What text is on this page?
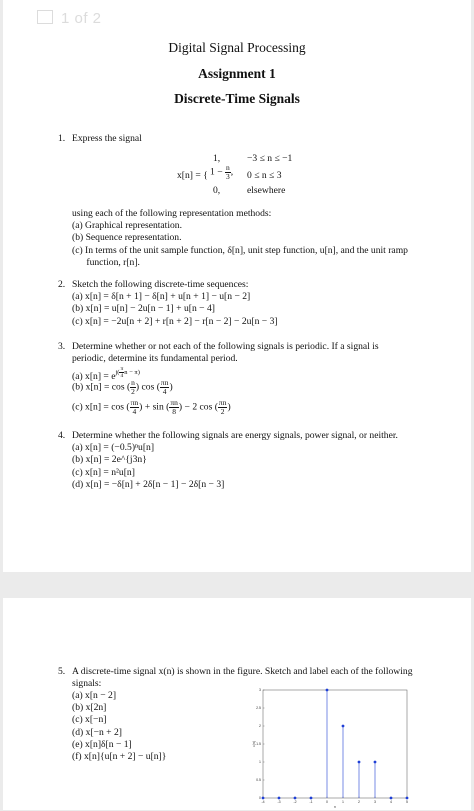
1 of 2
Digital Signal Processing
Assignment 1
Discrete-Time Signals
1. Express the signal
x[n] = {
1,	−3 ≤ n ≤ −1
$1 - \frac{n}{3}$ , 0 ≤ n ≤ 3
0,	elsewhere
using each of the following representation methods:
(a) Graphical representation.
(b) Sequence representation.
(c) In terms of the unit sample function, δ[n], unit step function, u[n], and the unit ramp
function, r[n].
2. Sketch the following discrete-time sequences:
(a) x[n] = δ[n + 1] − δ[n] + u[n + 1] − u[n − 2]
(b) x[n] = u[n] − 2u[n − 1] + u[n − 4]
(c) x[n] = −2u[n + 2] + r[n + 2] − r[n − 2] − 2u[n − 3]
3. Determine whether or not each of the following signals is periodic. If a signal is
periodic, determine its fundamental period.
(a) $x[n] = e^{j( \frac{\pi}{4} n - \pi)}$
(b) x[n] = cos ( $\frac{n}{2}$ ) cos ( $\frac{\pi n}{4}$ )
(c) x[n] = cos ( $\frac{\pi n}{4}$ ) + sin ( $\frac{\pi n}{8}$ ) − 2 cos ( $\frac{\pi n}{2}$ )
4. Determine whether the following signals are energy signals, power signal, or neither.
(a) x[n] = (−0.5)ⁿu[n]
(b) x[n] = 2e^{j3n}
(c) x[n] = n²u[n]
(d) x[n] = −δ[n] + 2δ[n − 1] − 2δ[n − 3]
5. A discrete-time signal x(n) is shown in the figure. Sketch and label each of the following
signals:
(a) x[n − 2]
(b) x[2n]
(c) x[−n]
(d) x[−n + 2]
(e) x[n]δ[n − 1]
(f) x[n]{u[n + 2] − u[n]}
0
0.5
1
1.5
2
2.5
3
-4	-3	-2	-1	0	1	2	3	4	5
n
x(n)
